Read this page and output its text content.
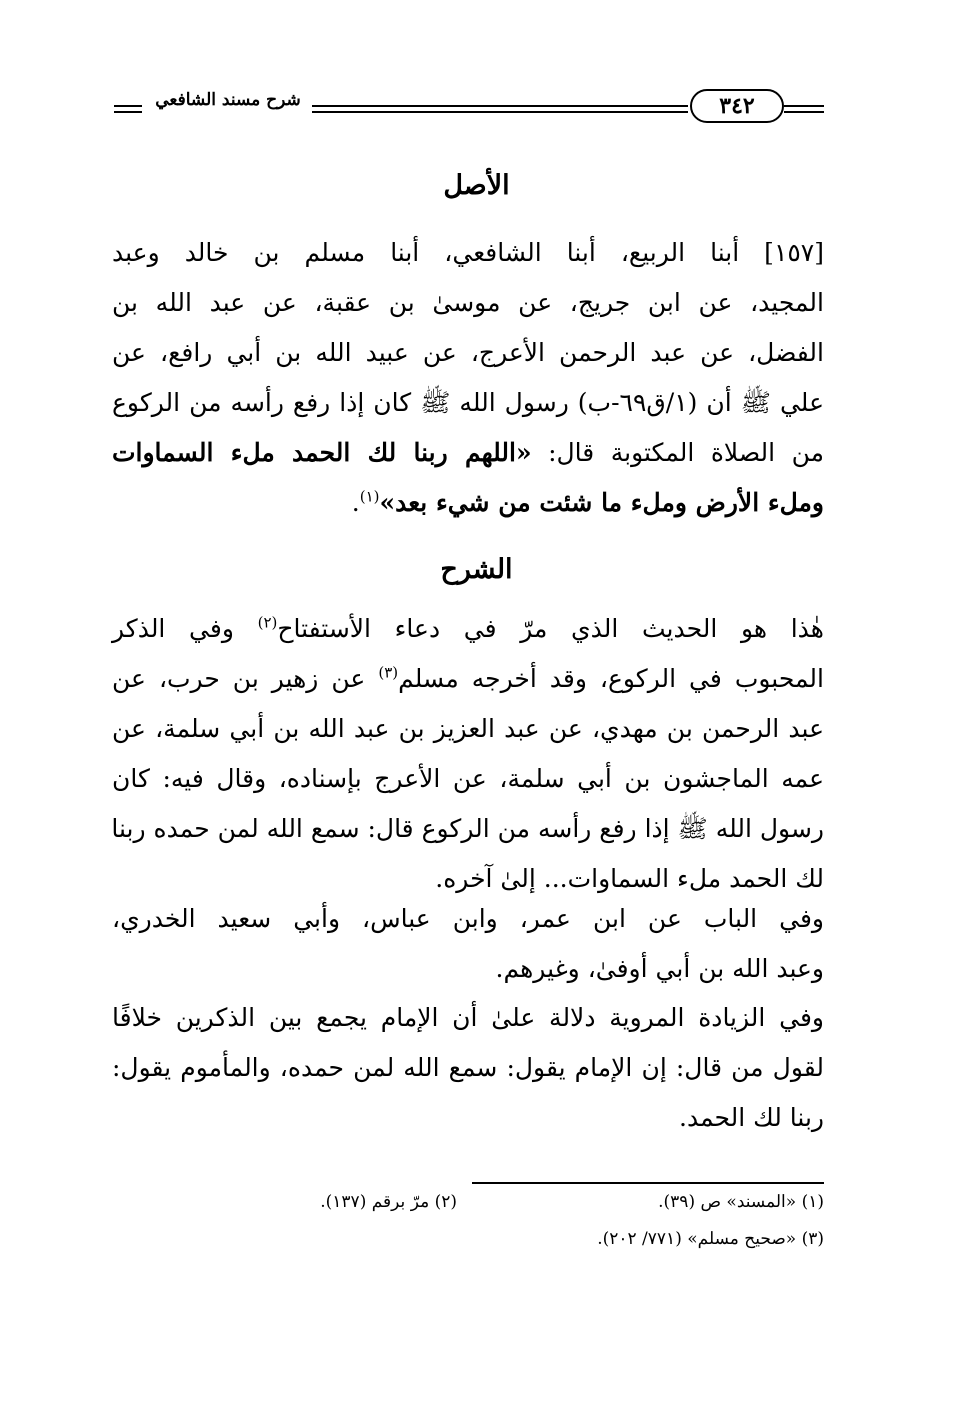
شرح مسند الشافعي	٣٤٢
الأصل
[١٥٧] أبنا الربيع، أبنا الشافعي، أبنا مسلم بن خالد وعبد
المجيد، عن ابن جريج، عن موسىٰ بن عقبة، عن عبد الله بن
الفضل، عن عبد الرحمن الأعرج، عن عبيد الله بن أبي رافع، عن
علي ﷺ أن (١/ق٦٩-ب) رسول الله ﷺ كان إذا رفع رأسه من الركوع
من الصلاة المكتوبة قال: «اللهم ربنا لك الحمد ملء السماوات
وملء الأرض وملء ما شئت من شيء بعد»$^{(١)}$.
الشرح
هٰذا هو الحديث الذي مرّ في دعاء الأستفتاح$^{(٢)}$ وفي الذكر
المحبوب في الركوع، وقد أخرجه مسلم$^{(٣)}$ عن زهير بن حرب، عن
عبد الرحمن بن مهدي، عن عبد العزيز بن عبد الله بن أبي سلمة، عن
عمه الماجشون بن أبي سلمة، عن الأعرج بإسناده، وقال فيه: كان
رسول الله ﷺ إذا رفع رأسه من الركوع قال: سمع الله لمن حمده ربنا
لك الحمد ملء السماوات... إلىٰ آخره.
وفي الباب عن ابن عمر، وابن عباس، وأبي سعيد الخدري،
وعبد الله بن أبي أوفىٰ، وغيرهم.
وفي الزيادة المروية دلالة علىٰ أن الإمام يجمع بين الذكرين خلافًا
لقول من قال: إن الإمام يقول: سمع الله لمن حمده، والمأموم يقول:
ربنا لك الحمد.
(١) «المسند» ص (٣٩).
(٢) مرّ برقم (١٣٧).
(٣) «صحيح مسلم» (٧٧١/ ٢٠٢).
